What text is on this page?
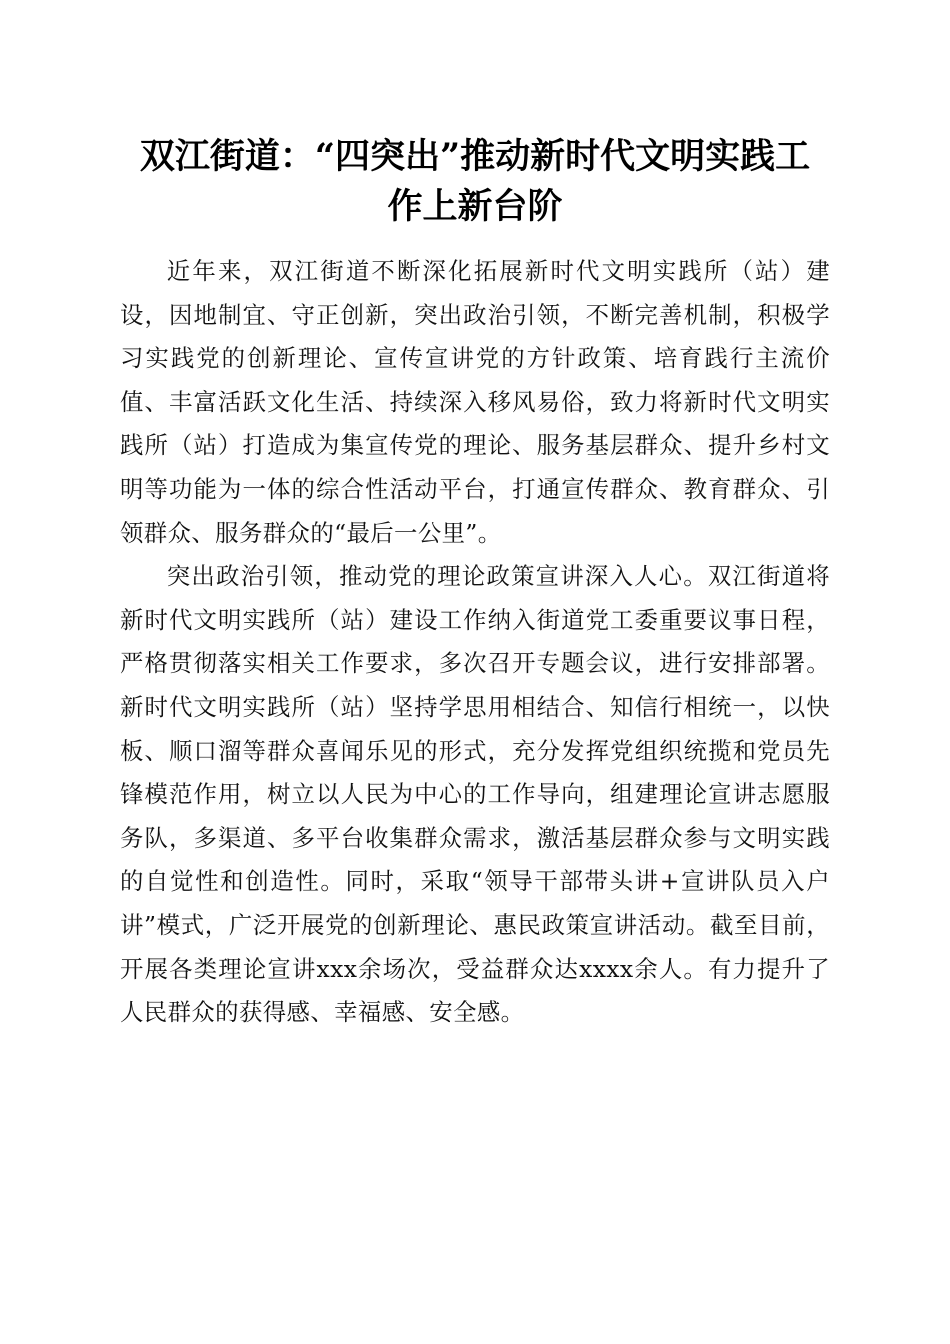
双江街道：“四突出”推动新时代文明实践工
作上新台阶

近年来，双江街道不断深化拓展新时代文明实践所（站）建设，因地制宜、守正创新，突出政治引领，不断完善机制，积极学习实践党的创新理论、宣传宣讲党的方针政策、培育践行主流价值、丰富活跃文化生活、持续深入移风易俗，致力将新时代文明实践所（站）打造成为集宣传党的理论、服务基层群众、提升乡村文明等功能为一体的综合性活动平台，打通宣传群众、教育群众、引领群众、服务群众的“最后一公里”。

突出政治引领，推动党的理论政策宣讲深入人心。双江街道将新时代文明实践所（站）建设工作纳入街道党工委重要议事日程，严格贯彻落实相关工作要求，多次召开专题会议，进行安排部署。新时代文明实践所（站）坚持学思用相结合、知信行相统一，以快板、顺口溜等群众喜闻乐见的形式，充分发挥党组织统揽和党员先锋模范作用，树立以人民为中心的工作导向，组建理论宣讲志愿服务队，多渠道、多平台收集群众需求，激活基层群众参与文明实践的自觉性和创造性。同时，采取“领导干部带头讲+宣讲队员入户讲”模式，广泛开展党的创新理论、惠民政策宣讲活动。截至目前，开展各类理论宣讲xxx余场次，受益群众达xxxx余人。有力提升了人民群众的获得感、幸福感、安全感。
